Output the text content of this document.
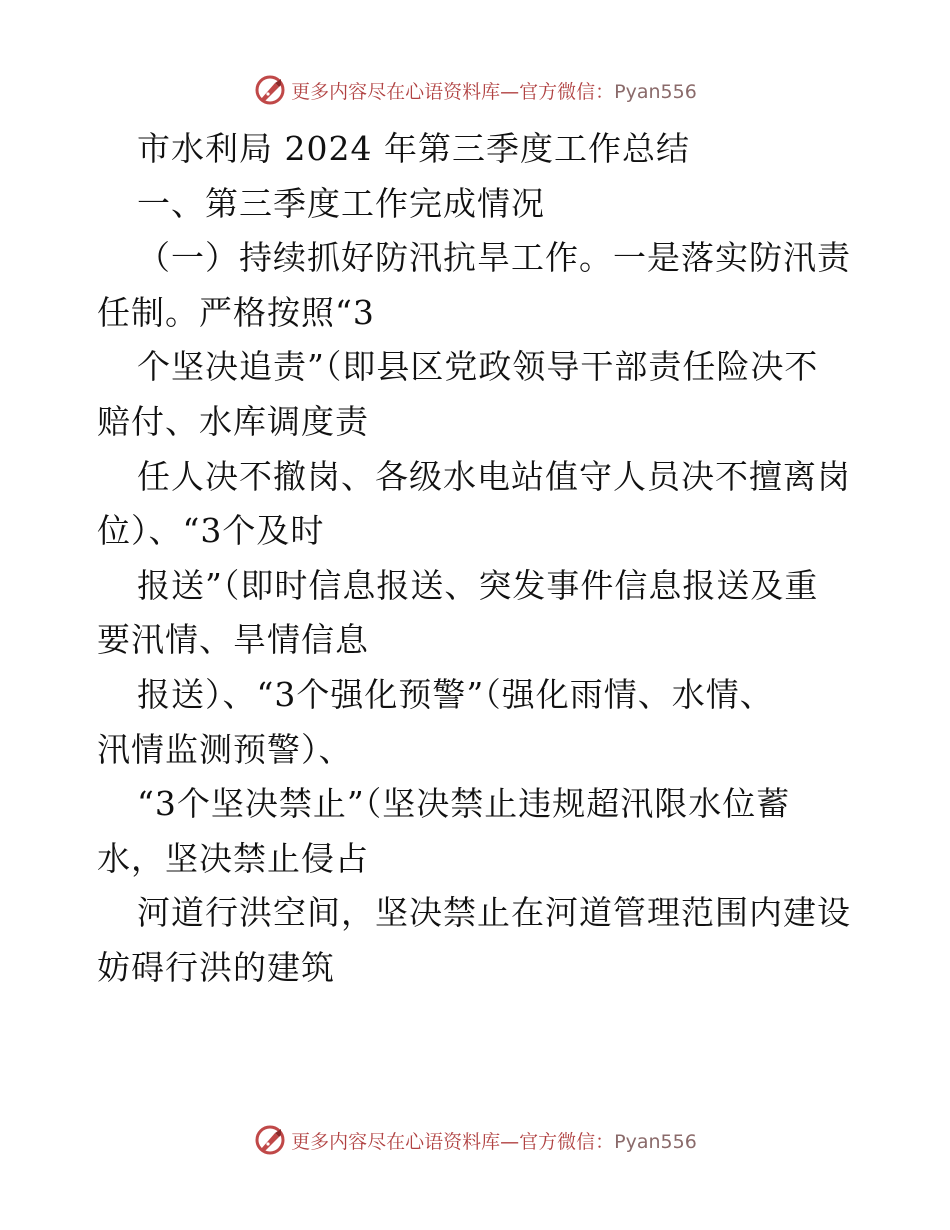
更多内容尽在心语资料库—官方微信：Pyan556
市水利局 2024 年第三季度工作总结
一、第三季度工作完成情况
（一）持续抓好防汛抗旱工作。一是落实防汛责
任制。严格按照“3
个坚决追责”（即县区党政领导干部责任险决不
赔付、水库调度责
任人决不撤岗、各级水电站值守人员决不擅离岗
位）、“3个及时
报送”（即时信息报送、突发事件信息报送及重
要汛情、旱情信息
报送）、“3个强化预警”（强化雨情、水情、
汛情监测预警）、
“3个坚决禁止”（坚决禁止违规超汛限水位蓄
水，坚决禁止侵占
河道行洪空间，坚决禁止在河道管理范围内建设
妨碍行洪的建筑
更多内容尽在心语资料库—官方微信：Pyan556
